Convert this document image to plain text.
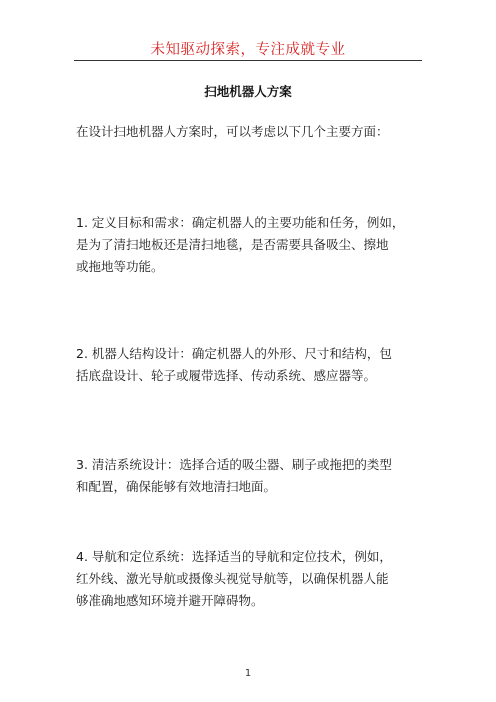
未知驱动探索，专注成就专业
扫地机器人方案

在设计扫地机器人方案时，可以考虑以下几个主要方面：

1. 定义目标和需求：确定机器人的主要功能和任务，例如，
是为了清扫地板还是清扫地毯，是否需要具备吸尘、擦地
或拖地等功能。

2. 机器人结构设计：确定机器人的外形、尺寸和结构，包
括底盘设计、轮子或履带选择、传动系统、感应器等。

3. 清洁系统设计：选择合适的吸尘器、刷子或拖把的类型
和配置，确保能够有效地清扫地面。

4. 导航和定位系统：选择适当的导航和定位技术，例如，
红外线、激光导航或摄像头视觉导航等，以确保机器人能
够准确地感知环境并避开障碍物。

1
